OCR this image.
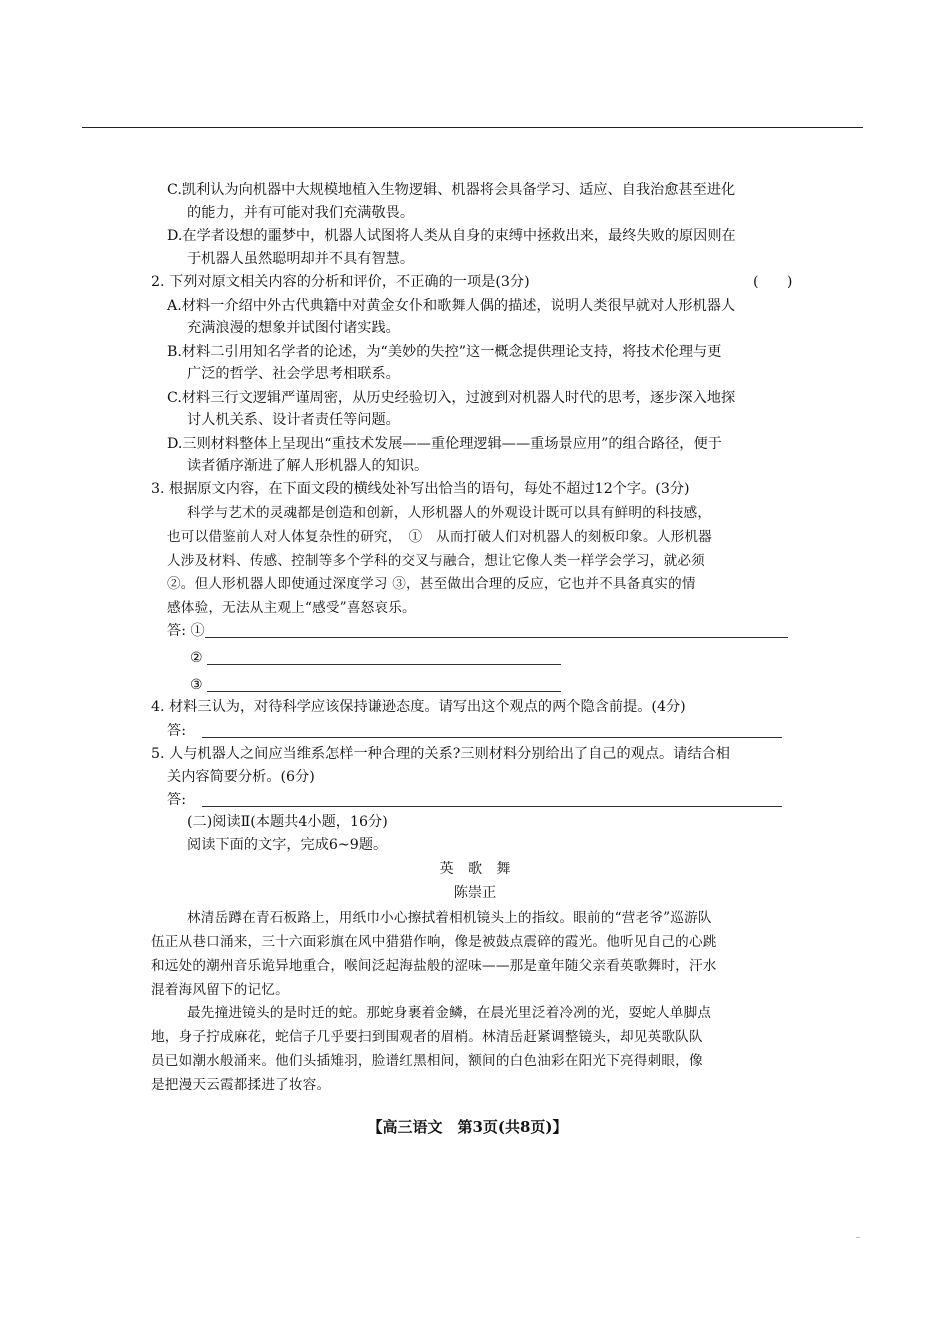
C.凯利认为向机器中大规模地植入生物逻辑、机器将会具备学习、适应、自我治愈甚至进化
的能力，并有可能对我们充满敬畏。
D.在学者设想的噩梦中，机器人试图将人类从自身的束缚中拯救出来，最终失败的原因则在
于机器人虽然聪明却并不具有智慧。
2. 下列对原文相关内容的分析和评价，不正确的一项是(3分)	(　　)
A.材料一介绍中外古代典籍中对黄金女仆和歌舞人偶的描述，说明人类很早就对人形机器人
充满浪漫的想象并试图付诸实践。
B.材料二引用知名学者的论述，为“美妙的失控”这一概念提供理论支持，将技术伦理与更
广泛的哲学、社会学思考相联系。
C.材料三行文逻辑严谨周密，从历史经验切入，过渡到对机器人时代的思考，逐步深入地探
讨人机关系、设计者责任等问题。
D.三则材料整体上呈现出“重技术发展——重伦理逻辑——重场景应用”的组合路径，便于
读者循序渐进了解人形机器人的知识。
3. 根据原文内容，在下面文段的横线处补写出恰当的语句，每处不超过12个字。(3分)
科学与艺术的灵魂都是创造和创新，人形机器人的外观设计既可以具有鲜明的科技感，
也可以借鉴前人对人体复杂性的研究，　①　从而打破人们对机器人的刻板印象。人形机器
人涉及材料、传感、控制等多个学科的交叉与融合，想让它像人类一样学会学习，就必须
②。但人形机器人即使通过深度学习 ③，甚至做出合理的反应，它也并不具备真实的情
感体验，无法从主观上“感受”喜怒哀乐。
答: ①
②
③
4. 材料三认为，对待科学应该保持谦逊态度。请写出这个观点的两个隐含前提。(4分)
答:
5. 人与机器人之间应当维系怎样一种合理的关系?三则材料分别给出了自己的观点。请结合相
关内容简要分析。(6分)
答:
(二)阅读Ⅱ(本题共4小题，16分)
阅读下面的文字，完成6~9题。
英　歌　舞
陈崇正
林清岳蹲在青石板路上，用纸巾小心擦拭着相机镜头上的指纹。眼前的“营老爷”巡游队
伍正从巷口涌来，三十六面彩旗在风中猎猎作响，像是被鼓点震碎的霞光。他听见自己的心跳
和远处的潮州音乐诡异地重合，喉间泛起海盐般的涩味——那是童年随父亲看英歌舞时，汗水
混着海风留下的记忆。
最先撞进镜头的是时迁的蛇。那蛇身裹着金鳞，在晨光里泛着冷冽的光，耍蛇人单脚点
地，身子拧成麻花，蛇信子几乎要扫到围观者的眉梢。林清岳赶紧调整镜头，却见英歌队队
员已如潮水般涌来。他们头插雉羽，脸谱红黑相间，额间的白色油彩在阳光下亮得刺眼，像
是把漫天云霞都揉进了妆容。
【高三语文　第3页(共8页)】
